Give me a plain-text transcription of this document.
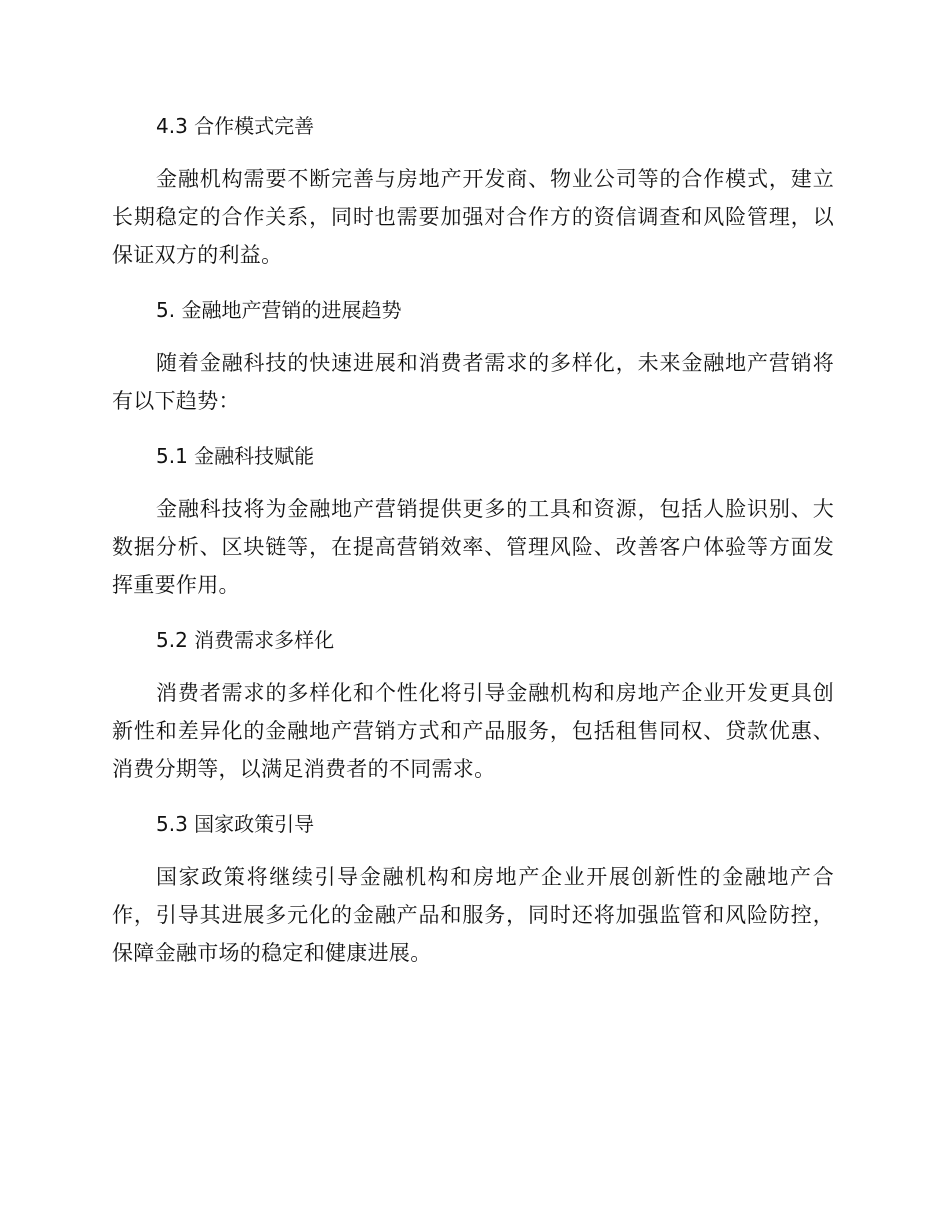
4.3 合作模式完善

金融机构需要不断完善与房地产开发商、物业公司等的合作模式，建立长期稳定的合作关系，同时也需要加强对合作方的资信调查和风险管理，以保证双方的利益。

5. 金融地产营销的进展趋势

随着金融科技的快速进展和消费者需求的多样化，未来金融地产营销将有以下趋势：

5.1 金融科技赋能

金融科技将为金融地产营销提供更多的工具和资源，包括人脸识别、大数据分析、区块链等，在提高营销效率、管理风险、改善客户体验等方面发挥重要作用。

5.2 消费需求多样化

消费者需求的多样化和个性化将引导金融机构和房地产企业开发更具创新性和差异化的金融地产营销方式和产品服务，包括租售同权、贷款优惠、消费分期等，以满足消费者的不同需求。

5.3 国家政策引导

国家政策将继续引导金融机构和房地产企业开展创新性的金融地产合作，引导其进展多元化的金融产品和服务，同时还将加强监管和风险防控，保障金融市场的稳定和健康进展。
